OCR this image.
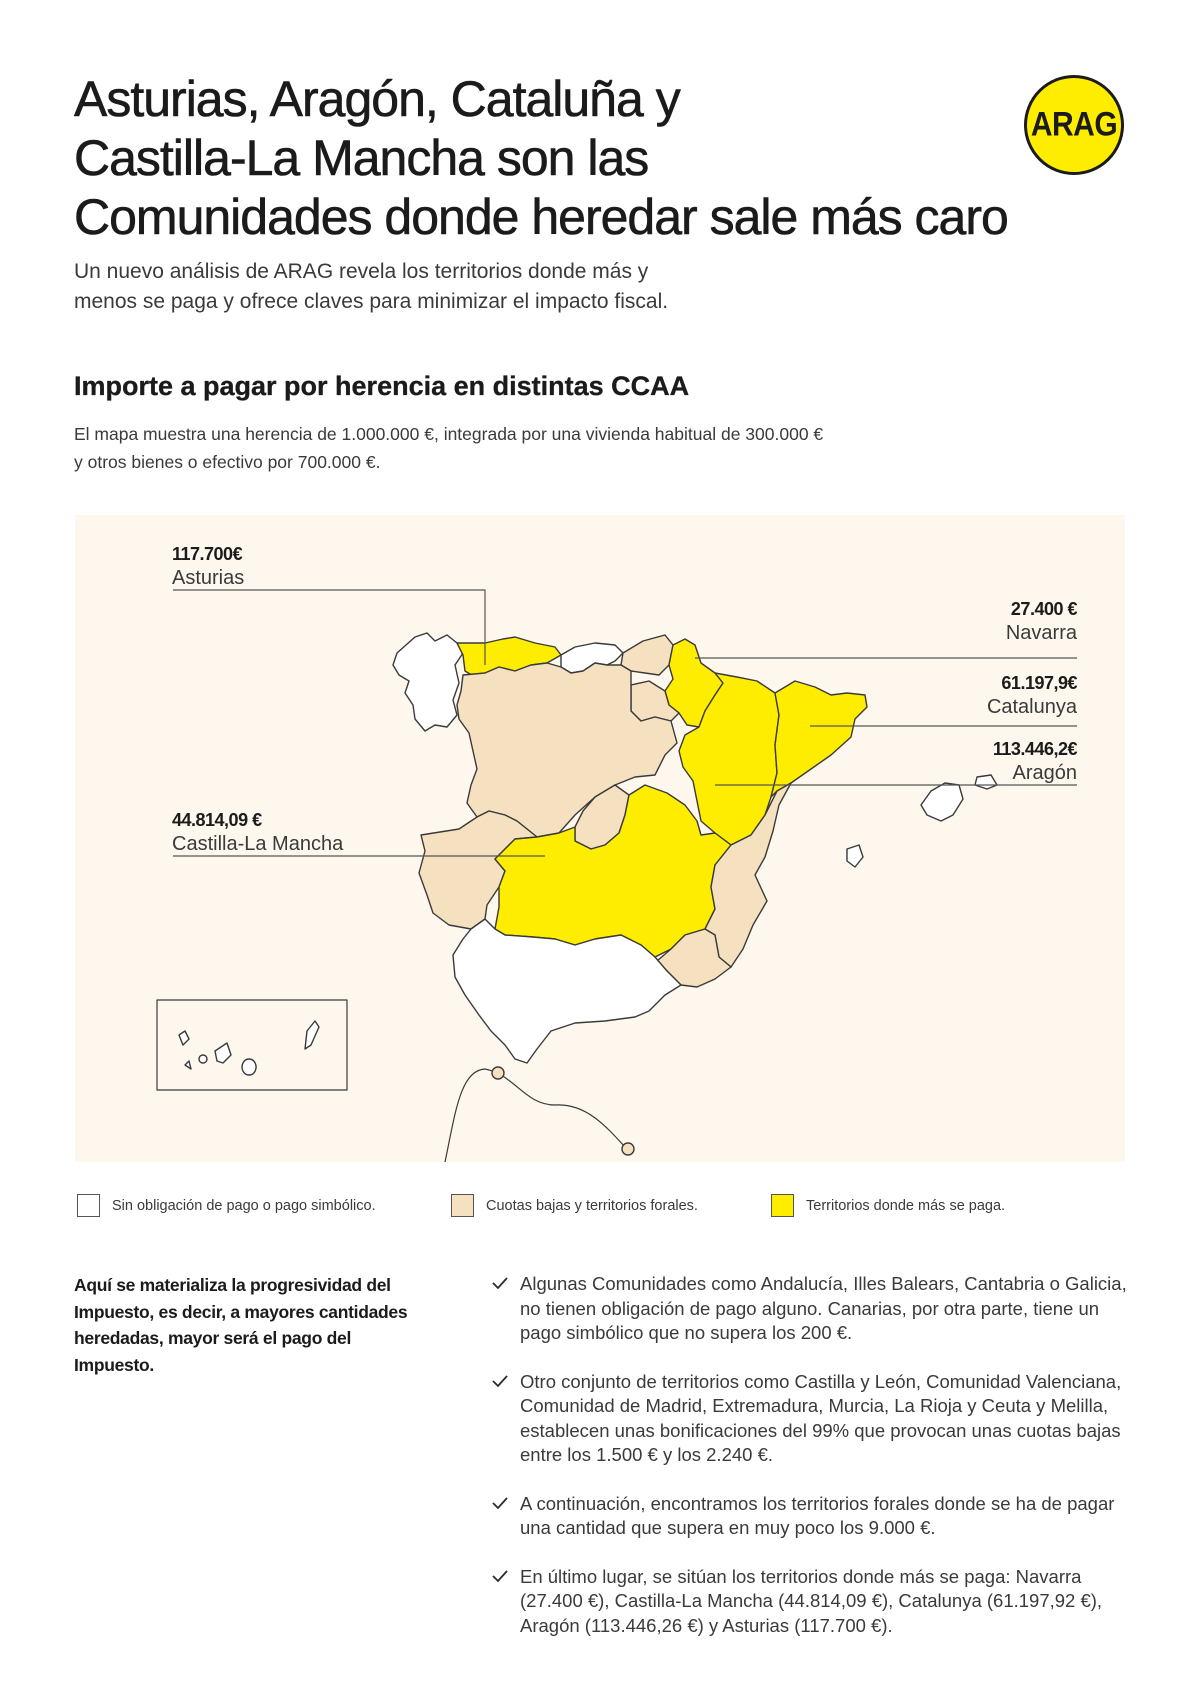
Asturias, Aragón, Cataluña y
Castilla-La Mancha son las
Comunidades donde heredar sale más caro
ARAG

Un nuevo análisis de ARAG revela los territorios donde más y
menos se paga y ofrece claves para minimizar el impacto fiscal.

Importe a pagar por herencia en distintas CCAA

El mapa muestra una herencia de 1.000.000 €, integrada por una vivienda habitual de 300.000 €
y otros bienes o efectivo por 700.000 €.

117.700€
Asturias
27.400 €
Navarra
61.197,9€
Catalunya
113.446,2€
Aragón
44.814,09 €
Castilla-La Mancha
Sin obligación de pago o pago simbólico.	Cuotas bajas y territorios forales.	Territorios donde más se paga.

Aquí se materializa la progresividad del Impuesto, es decir, a mayores cantidades heredadas, mayor será el pago del Impuesto.

Algunas Comunidades como Andalucía, Illes Balears, Cantabria o Galicia, no tienen obligación de pago alguno. Canarias, por otra parte, tiene un pago simbólico que no supera los 200 €.
Otro conjunto de territorios como Castilla y León, Comunidad Valenciana, Comunidad de Madrid, Extremadura, Murcia, La Rioja y Ceuta y Melilla, establecen unas bonificaciones del 99% que provocan unas cuotas bajas entre los 1.500 € y los 2.240 €.
A continuación, encontramos los territorios forales donde se ha de pagar una cantidad que supera en muy poco los 9.000 €.
En último lugar, se sitúan los territorios donde más se paga: Navarra (27.400 €), Castilla-La Mancha (44.814,09 €), Catalunya (61.197,92 €), Aragón (113.446,26 €) y Asturias (117.700 €).
